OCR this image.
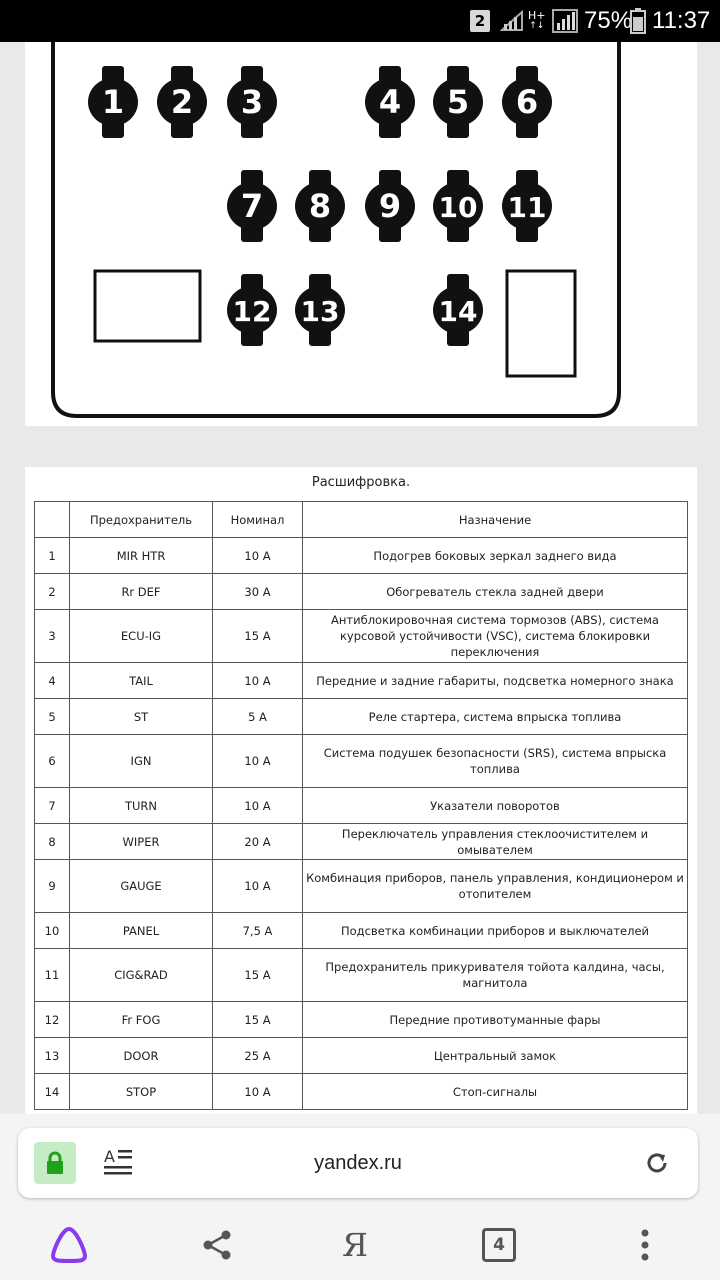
2	H+
↑↓ 75% 11:37
1 2 3	4 5 6
7 8 9 10 11
12 13	14
Расшифровка.
	Предохранитель	Номинал	Назначение
1	MIR HTR	10 A	Подогрев боковых зеркал заднего вида
2	Rr DEF	30 A	Обогреватель стекла задней двери
3	ECU-IG	15 A	Антиблокировочная система тормозов (ABS), система курсовой устойчивости (VSC), система блокировки переключения
4	TAIL	10 A	Передние и задние габариты, подсветка номерного знака
5	ST	5 A	Реле стартера, система впрыска топлива
6	IGN	10 A	Система подушек безопасности (SRS), система впрыска топлива
7	TURN	10 A	Указатели поворотов
8	WIPER	20 A	Переключатель управления стеклоочистителем и омывателем
9	GAUGE	10 A	Комбинация приборов, панель управления, кондиционером и отопителем
10	PANEL	7,5 A	Подсветка комбинации приборов и выключателей
11	CIG&RAD	15 A	Предохранитель прикуривателя тойота калдина, часы, магнитола
12	Fr FOG	15 A	Передние противотуманные фары
13	DOOR	25 A	Центральный замок
14	STOP	10 A	Стоп-сигналы
A	yandex.ru
Я	4
